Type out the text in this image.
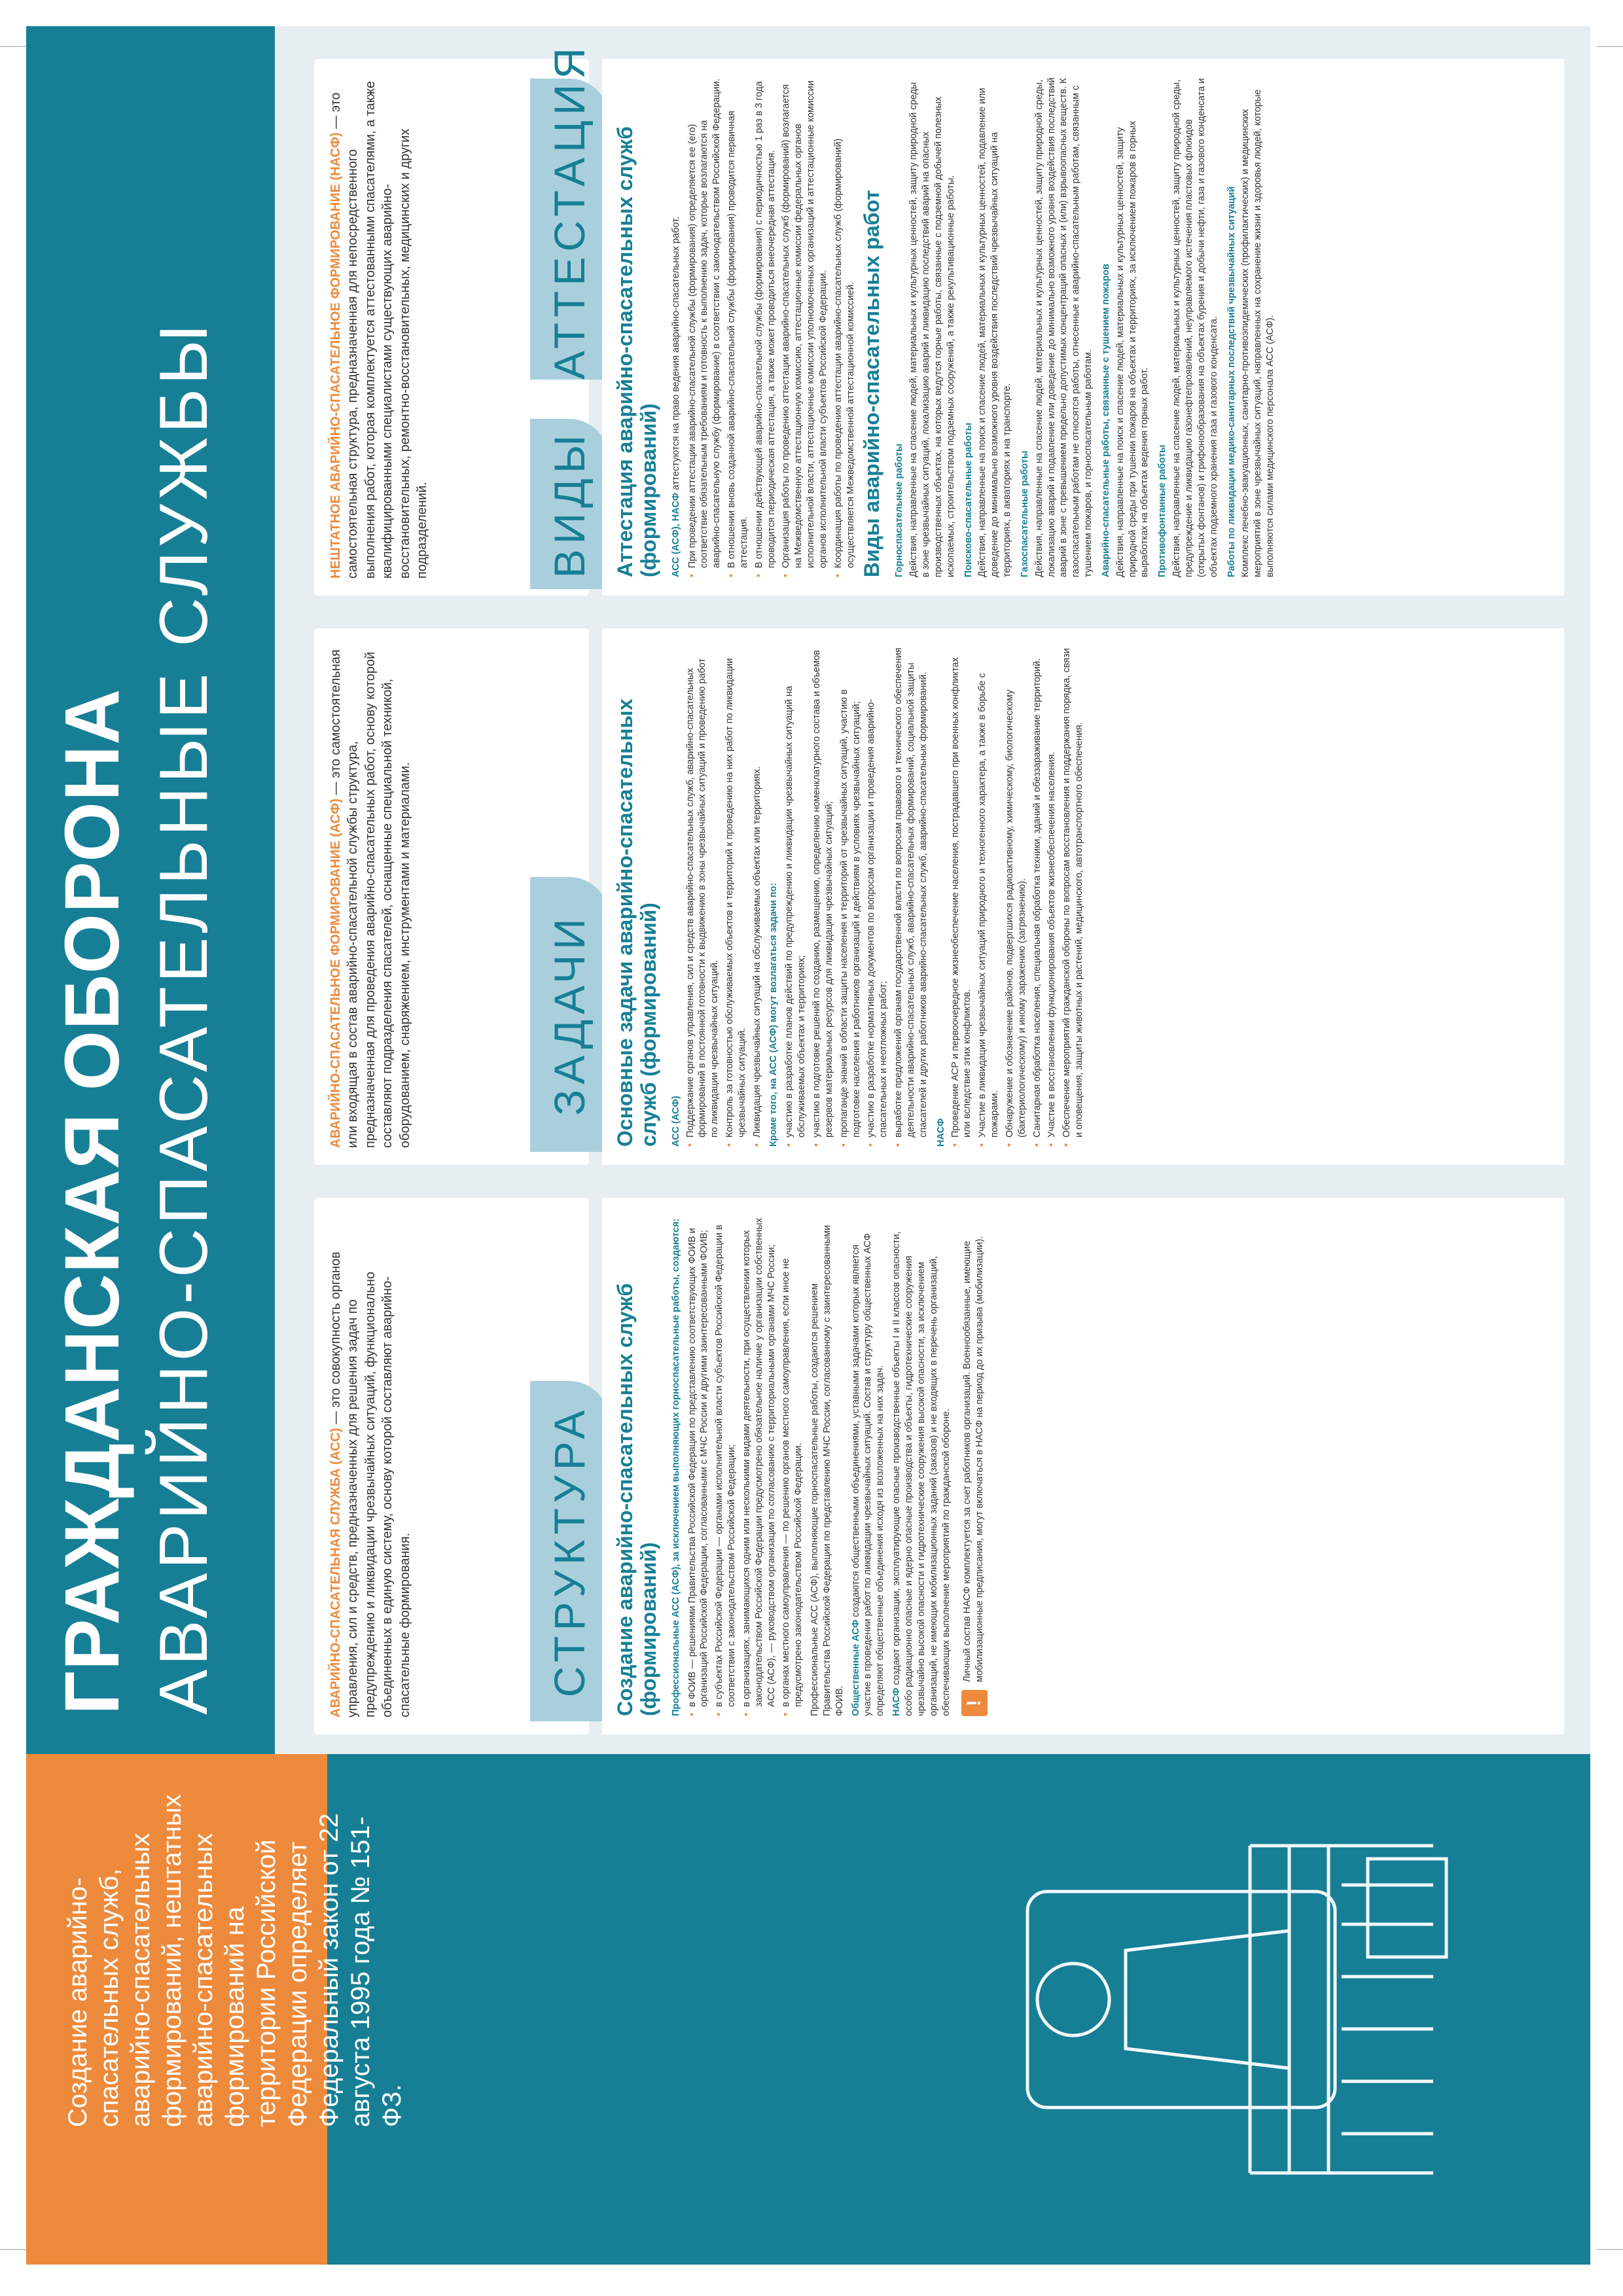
Создание аварийно-спасательных служб, аварийно-спасательных формирований, нештатных аварийно-спасательных формирований на территории Российской Федерации определяет Федеральный закон от 22 августа 1995 года № 151-ФЗ.
ГРАЖДАНСКАЯ ОБОРОНА АВАРИЙНО-СПАСАТЕЛЬНЫЕ СЛУЖБЫ	АВАРИЙНО-СПАСАТЕЛЬНАЯ СЛУЖБА (АСС) — это совокупность органов управления, сил и средств, предназначенных для решения задач по предупреждению и ликвидации чрезвычайных ситуаций, функционально объединенных в единую систему, основу которой составляют аварийно-спасательные формирования.
АВАРИЙНО-СПАСАТЕЛЬНОЕ ФОРМИРОВАНИЕ (АСФ) — это самостоятельная или входящая в состав аварийно-спасательной службы структура, предназначенная для проведения аварийно-спасательных работ, основу которой составляют подразделения спасателей, оснащенные специальной техникой, оборудованием, снаряжением, инструментами и материалами.
НЕШТАТНОЕ АВАРИЙНО-СПАСАТЕЛЬНОЕ ФОРМИРОВАНИЕ (НАСФ) — это самостоятельная структура, предназначенная для непосредственного выполнения работ, которая комплектуется аттестованными спасателями, а также квалифицированными специалистами существующих аварийно-восстановительных, ремонтно-восстановительных, медицинских и других подразделений.
СТРУКТУРА
ЗАДАЧИ
ВИДЫ
АТТЕСТАЦИЯ
Создание аварийно-спасательных служб (формирований) Профессиональные АСС (АСФ), за исключением выполняющих горноспасательные работы, создаются: • в ФОИВ — решениями Правительства Российской Федерации по представлению соответствующих ФОИВ и организаций Российской Федерации, согласованными с МЧС России и другими заинтересованными ФОИВ; • в субъектах Российской Федерации — органами исполнительной власти субъектов Российской Федерации в соответствии с законодательством Российской Федерации; • в организациях, занимающихся одним или несколькими видами деятельности, при осуществлении которых законодательством Российской Федерации предусмотрено обязательное наличие у организации собственных АСС (АСФ), — руководством организации по согласованию с территориальными органами МЧС России; • в органах местного самоуправления — по решению органов местного самоуправления, если иное не предусмотрено законодательством Российской Федерации. Профессиональные АСС (АСФ), выполняющие горноспасательные работы, создаются решением Правительства Российской Федерации по представлению МЧС России, согласованному с заинтересованными ФОИВ. Общественные АСФ создаются общественными объединениями, уставными задачами которых является участие в проведении работ по ликвидации чрезвычайных ситуаций. Состав и структуру общественных АСФ определяют общественные объединения исходя из возложенных на них задач. НАСФ создают организации, эксплуатирующие опасные производственные объекты I и II классов опасности, особо радиационно опасные и ядерно опасные производства и объекты, гидротехнические сооружения чрезвычайно высокой опасности и гидротехнические сооружения высокой опасности, за исключением организаций, не имеющих мобилизационных заданий (заказов) и не входящих в перечень организаций, обеспечивающих выполнение мероприятий по гражданской обороне. !
Личный состав НАСФ комплектуется за счет работников организаций. Военнообязанные, имеющие мобилизационные предписания, могут включаться в НАСФ на период до их призыва (мобилизации).
Основные задачи аварийно-спасательных служб (формирований) АСС (АСФ) • Поддержание органов управления, сил и средств аварийно-спасательных служб, аварийно-спасательных формирований в постоянной готовности к выдвижению в зоны чрезвычайных ситуаций и проведению работ по ликвидации чрезвычайных ситуаций. • Контроль за готовностью обслуживаемых объектов и территорий к проведению на них работ по ликвидации чрезвычайных ситуаций. • Ликвидация чрезвычайных ситуаций на обслуживаемых объектах или территориях. Кроме того, на АСС (АСФ) могут возлагаться задачи по: • участию в разработке планов действий по предупреждению и ликвидации чрезвычайных ситуаций на обслуживаемых объектах и территориях; • участию в подготовке решений по созданию, размещению, определению номенклатурного состава и объемов резервов материальных ресурсов для ликвидации чрезвычайных ситуаций; • пропаганде знаний в области защиты населения и территорий от чрезвычайных ситуаций, участию в подготовке населения и работников организаций к действиям в условиях чрезвычайных ситуаций; • участию в разработке нормативных документов по вопросам организации и проведения аварийно-спасательных и неотложных работ; • выработке предложений органам государственной власти по вопросам правового и технического обеспечения деятельности аварийно-спасательных служб, аварийно-спасательных формирований, социальной защиты спасателей и других работников аварийно-спасательных служб, аварийно-спасательных формирований. НАСФ • Проведение АСР и первоочередное жизнеобеспечение населения, пострадавшего при военных конфликтах или вследствие этих конфликтов. • Участие в ликвидации чрезвычайных ситуаций природного и техногенного характера, а также в борьбе с пожарами. • Обнаружение и обозначение районов, подвергшихся радиоактивному, химическому, биологическому (бактериологическому) и иному заражению (загрязнению). • Санитарная обработка населения, специальная обработка техники, зданий и обеззараживание территорий. • Участие в восстановлении функционирования объектов жизнеобеспечения населения. • Обеспечение мероприятий гражданской обороны по вопросам восстановления и поддержания порядка, связи и оповещения, защиты животных и растений, медицинского, автотранспортного обеспечения.
Аттестация аварийно-спасательных служб (формирований) АСС (АСФ), НАСФ аттестуются на право ведения аварийно-спасательных работ. • При проведении аттестации аварийно-спасательной службы (формирования) определяется ее (его) соответствие обязательным требованиям и готовность к выполнению задач, которые возлагаются на аварийно-спасательную службу (формирование) в соответствии с законодательством Российской Федерации. • В отношении вновь созданной аварийно-спасательной службы (формирования) проводится первичная аттестация. • В отношении действующей аварийно-спасательной службы (формирования) с периодичностью 1 раз в 3 года проводится периодическая аттестация, а также может проводиться внеочередная аттестация. • Организация работы по проведению аттестации аварийно-спасательных служб (формирований) возлагается на Межведомственную аттестационную комиссию, аттестационные комиссии федеральных органов исполнительной власти, аттестационные комиссии уполномоченных организаций и аттестационные комиссии органов исполнительной власти субъектов Российской Федерации. • Координация работы по проведению аттестации аварийно-спасательных служб (формирований) осуществляется Межведомственной аттестационной комиссией. Виды аварийно-спасательных работ Горноспасательные работы Действия, направленные на спасение людей, материальных и культурных ценностей, защиту природной среды в зоне чрезвычайных ситуаций, локализацию аварий и ликвидацию последствий аварий на опасных производственных объектах, на которых ведутся горные работы, связанные с подземной добычей полезных ископаемых, строительством подземных сооружений, а также рекультивационные работы. Поисково-спасательные работы Действия, направленные на поиск и спасение людей, материальных и культурных ценностей, подавление или доведение до минимально возможного уровня воздействия последствий чрезвычайных ситуаций на территориях, в акваториях и на транспорте. Газоспасательные работы Действия, направленные на спасение людей, материальных и культурных ценностей, защиту природной среды, локализацию аварий и подавление или доведение до минимально возможного уровня воздействия последствий аварий в зоне с превышением предельно допустимых концентраций опасных и (или) взрывоопасных веществ. К газоспасательным работам не относятся работы, отнесенные к аварийно-спасательным работам, связанным с тушением пожаров, и горноспасательным работам. Аварийно-спасательные работы, связанные с тушением пожаров Действия, направленные на поиск и спасение людей, материальных и культурных ценностей, защиту природной среды при тушении пожаров на объектах и территориях, за исключением пожаров в горных выработках на объектах ведения горных работ. Противофонтанные работы Действия, направленные на спасение людей, материальных и культурных ценностей, защиту природной среды, предупреждение и ликвидацию газонефтепроявлений, неуправляемого истечения пластовых флюидов (открытых фонтанов) и грифонообразования на объектах бурения и добычи нефти, газа и газового конденсата и объектах подземного хранения газа и газового конденсата. Работы по ликвидации медико-санитарных последствий чрезвычайных ситуаций Комплекс лечебно-эвакуационных, санитарно-противоэпидемических (профилактических) и медицинских мероприятий в зоне чрезвычайных ситуаций, направленных на сохранение жизни и здоровья людей, которые выполняются силами медицинского персонала АСС (АСФ).
